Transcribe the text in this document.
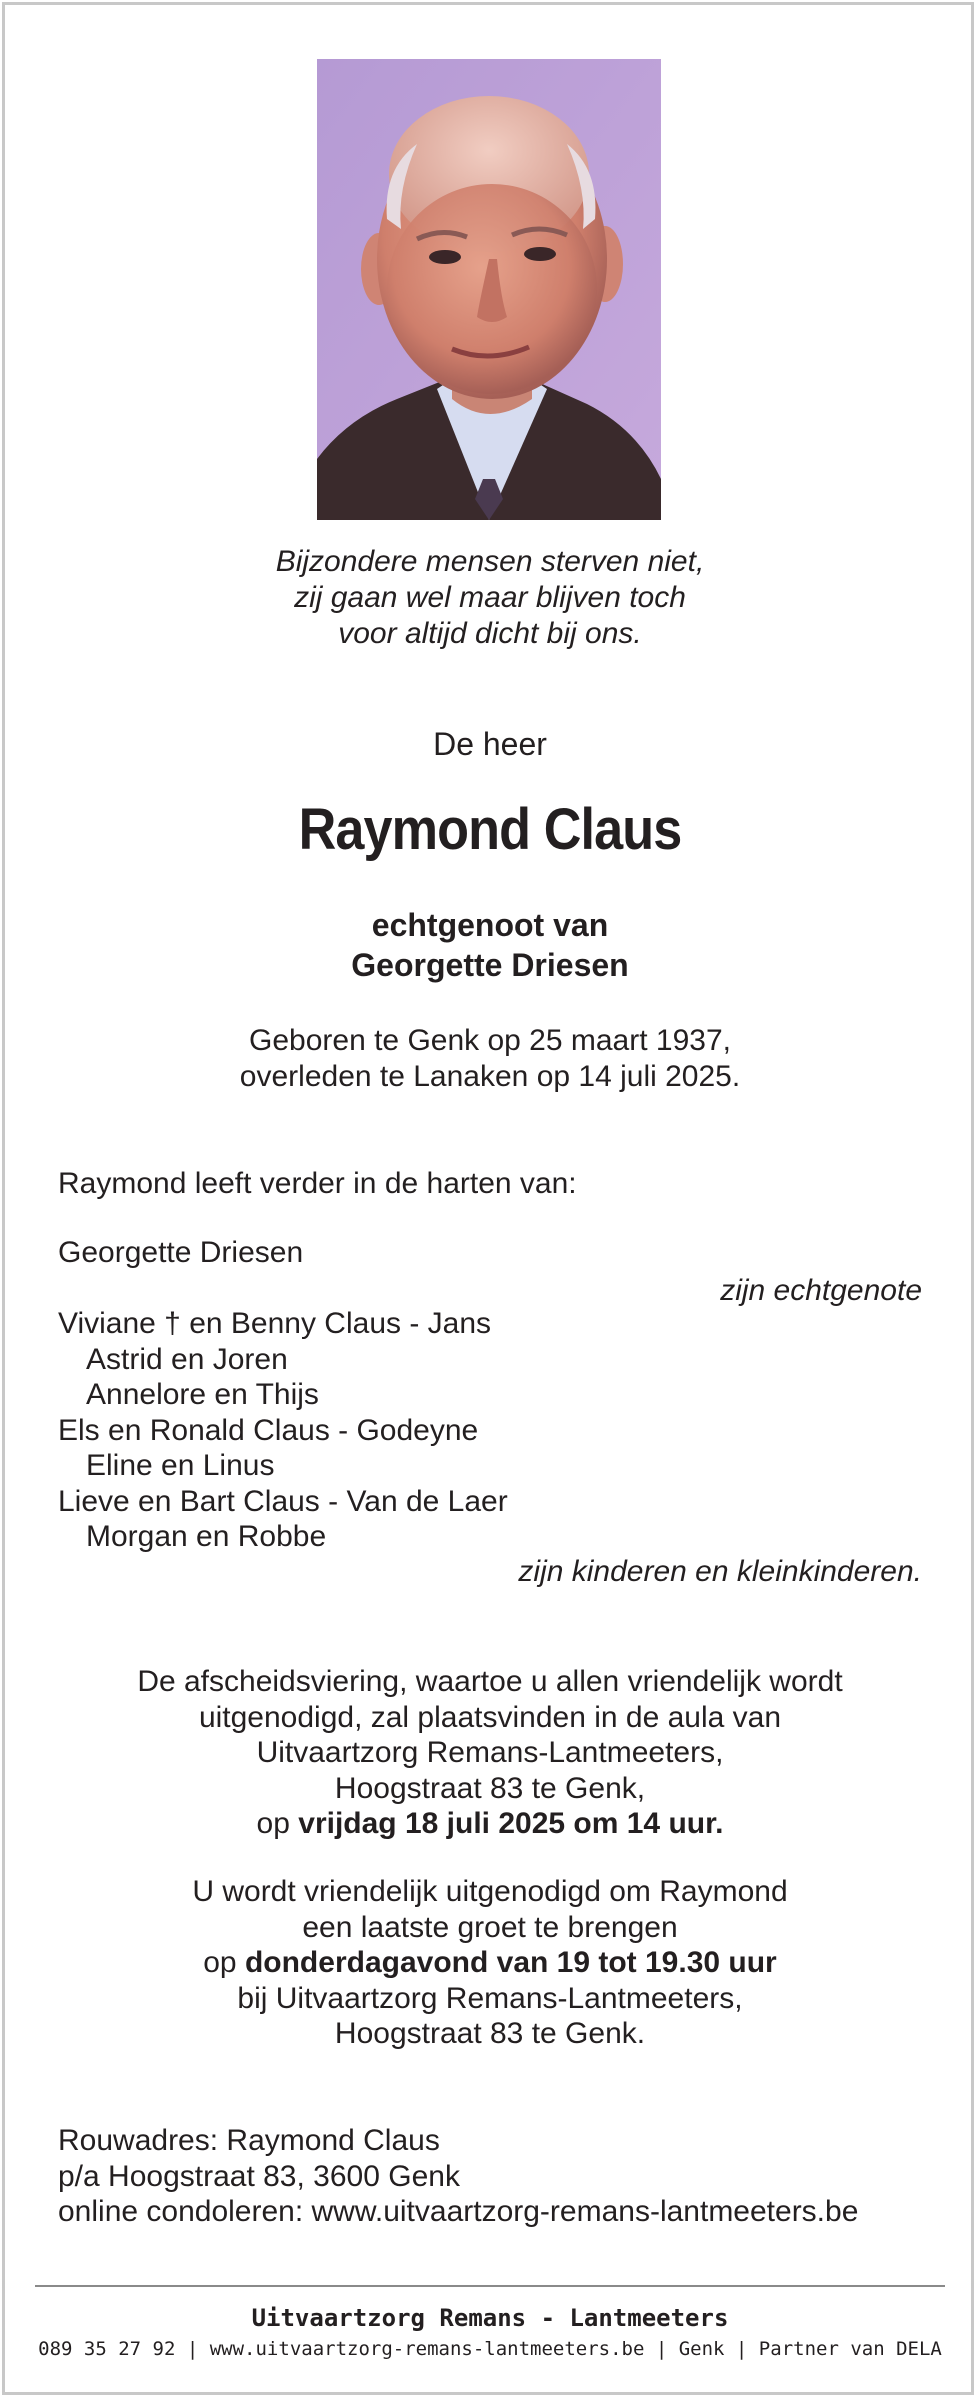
Bijzondere mensen sterven niet,
zij gaan wel maar blijven toch
voor altijd dicht bij ons.
De heer
Raymond Claus
echtgenoot van
Georgette Driesen
Geboren te Genk op 25 maart 1937,
overleden te Lanaken op 14 juli 2025.
Raymond leeft verder in de harten van:
Georgette Driesen
Viviane † en Benny Claus - Jans
Astrid en Joren
Annelore en Thijs
Els en Ronald Claus - Godeyne
Eline en Linus
Lieve en Bart Claus - Van de Laer
Morgan en Robbe
zijn echtgenote
zijn kinderen en kleinkinderen.
De afscheidsviering, waartoe u allen vriendelijk wordt
uitgenodigd, zal plaatsvinden in de aula van
Uitvaartzorg Remans-Lantmeeters,
Hoogstraat 83 te Genk,
op vrijdag 18 juli 2025 om 14 uur.
U wordt vriendelijk uitgenodigd om Raymond
een laatste groet te brengen
op donderdagavond van 19 tot 19.30 uur
bij Uitvaartzorg Remans-Lantmeeters,
Hoogstraat 83 te Genk.
Rouwadres: Raymond Claus
p/a Hoogstraat 83, 3600 Genk
online condoleren: www.uitvaartzorg-remans-lantmeeters.be
Uitvaartzorg Remans - Lantmeeters
089 35 27 92 | www.uitvaartzorg-remans-lantmeeters.be | Genk | Partner van DELA
